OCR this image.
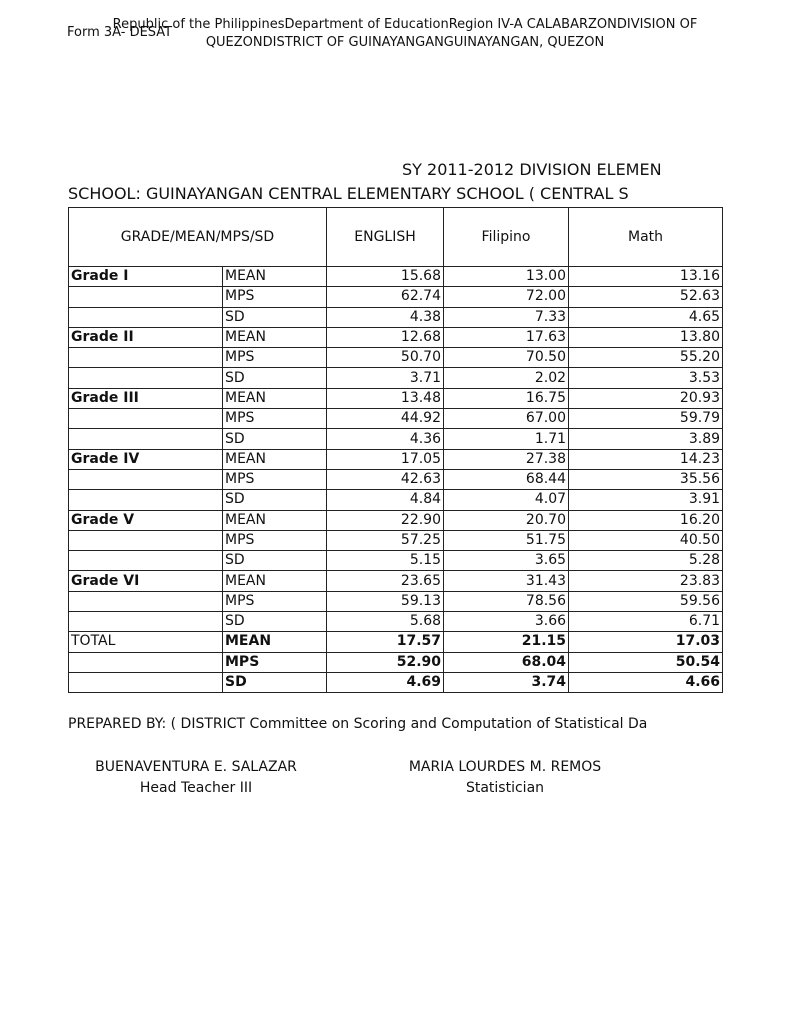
Form 3A- DESAT
Republic of the PhilippinesDepartment of EducationRegion IV-A CALABARZONDIVISION OF
QUEZONDISTRICT OF GUINAYANGANGUINAYANGAN, QUEZON
SY 2011-2012 DIVISION ELEMEN
SCHOOL: GUINAYANGAN CENTRAL ELEMENTARY SCHOOL ( CENTRAL S
GRADE/MEAN/MPS/SD		ENGLISH	Filipino	Math
Grade I	MEAN	15.68	13.00	13.16
	MPS	62.74	72.00	52.63
	SD	4.38	7.33	4.65
Grade II	MEAN	12.68	17.63	13.80
	MPS	50.70	70.50	55.20
	SD	3.71	2.02	3.53
Grade III	MEAN	13.48	16.75	20.93
	MPS	44.92	67.00	59.79
	SD	4.36	1.71	3.89
Grade IV	MEAN	17.05	27.38	14.23
	MPS	42.63	68.44	35.56
	SD	4.84	4.07	3.91
Grade V	MEAN	22.90	20.70	16.20
	MPS	57.25	51.75	40.50
	SD	5.15	3.65	5.28
Grade VI	MEAN	23.65	31.43	23.83
	MPS	59.13	78.56	59.56
	SD	5.68	3.66	6.71
TOTAL	MEAN	17.57	21.15	17.03
	MPS	52.90	68.04	50.54
	SD	4.69	3.74	4.66
PREPARED BY: ( DISTRICT Committee on Scoring and Computation of Statistical Da
BUENAVENTURA E. SALAZAR
Head Teacher III
MARIA LOURDES M. REMOS
Statistician
